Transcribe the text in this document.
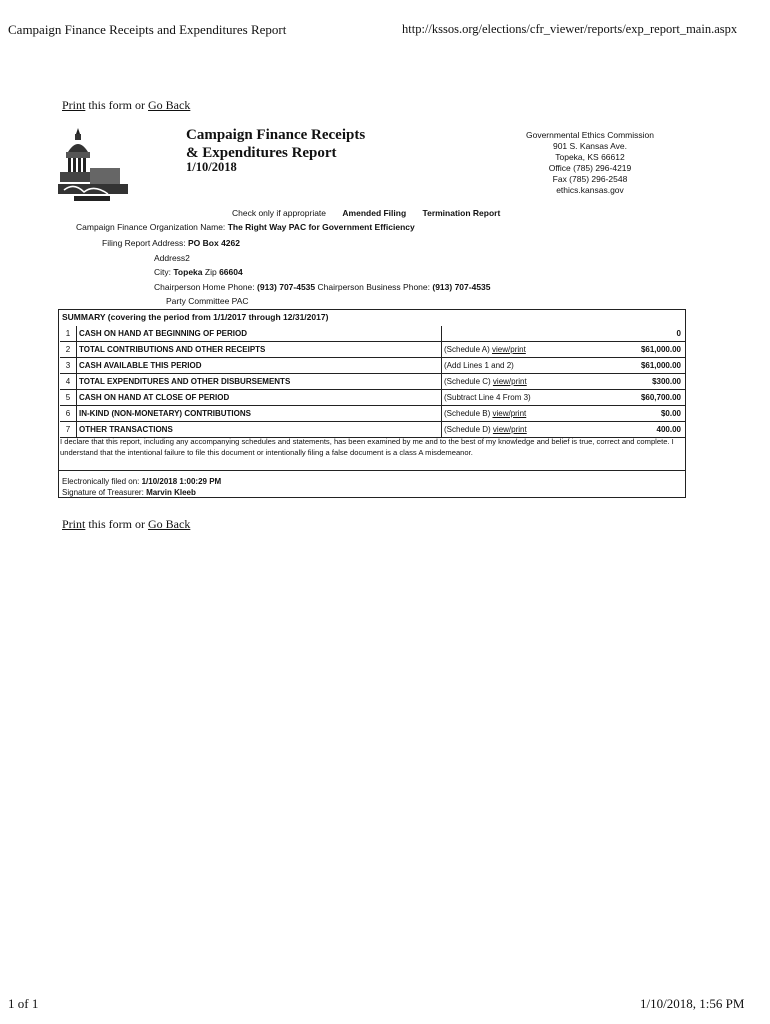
Campaign Finance Receipts and Expenditures Report	http://kssos.org/elections/cfr_viewer/reports/exp_report_main.aspx
Print this form or Go Back
Campaign Finance Receipts
& Expenditures Report
1/10/2018
Governmental Ethics Commission
901 S. Kansas Ave.
Topeka, KS 66612
Office (785) 296-4219
Fax (785) 296-2548
ethics.kansas.gov
Check only if appropriate Amended Filing Termination Report
Campaign Finance Organization Name: The Right Way PAC for Government Efficiency
Filing Report Address: PO Box 4262
Address2
City: Topeka Zip 66604
Chairperson Home Phone: (913) 707-4535 Chairperson Business Phone: (913) 707-4535
Party Committee PAC
SUMMARY (covering the period from 1/1/2017 through 12/31/2017)
1	CASH ON HAND AT BEGINNING OF PERIOD		0
2	TOTAL CONTRIBUTIONS AND OTHER RECEIPTS	(Schedule A) view/print	$61,000.00
3	CASH AVAILABLE THIS PERIOD	(Add Lines 1 and 2)	$61,000.00
4	TOTAL EXPENDITURES AND OTHER DISBURSEMENTS	(Schedule C) view/print	$300.00
5	CASH ON HAND AT CLOSE OF PERIOD	(Subtract Line 4 From 3)	$60,700.00
6	IN-KIND (NON-MONETARY) CONTRIBUTIONS	(Schedule B) view/print	$0.00
7	OTHER TRANSACTIONS	(Schedule D) view/print	400.00
I declare that this report, including any accompanying schedules and statements, has been examined by me and to the best of my knowledge and belief is true, correct and complete. I understand that the intentional failure to file this document or intentionally filing a false document is a class A misdemeanor.
Electronically filed on: 1/10/2018 1:00:29 PM
Signature of Treasurer: Marvin Kleeb
Print this form or Go Back
1 of 1	1/10/2018, 1:56 PM
